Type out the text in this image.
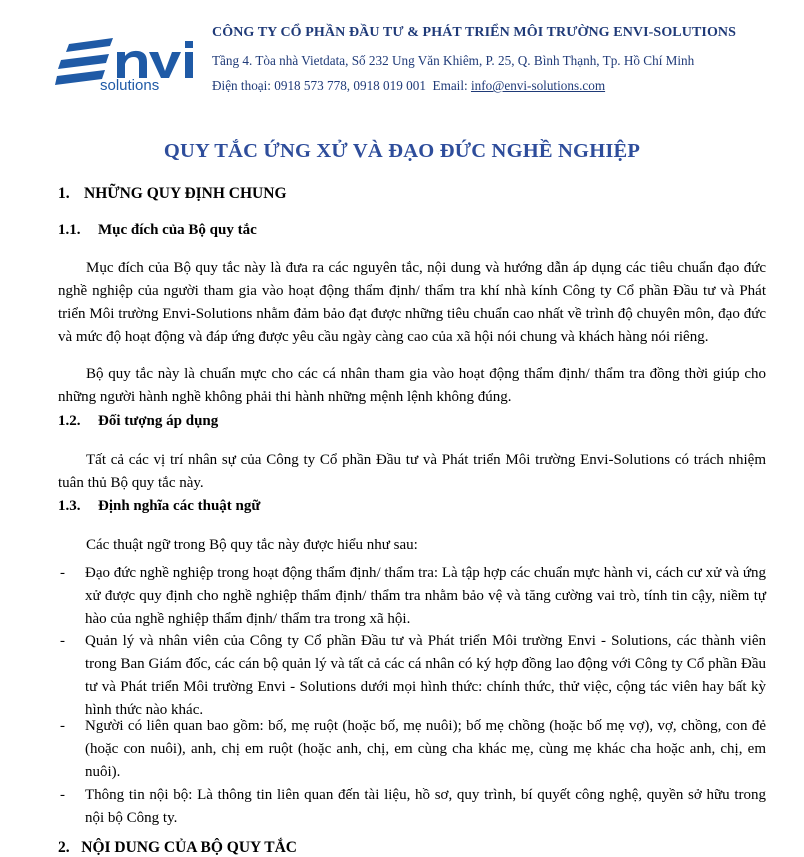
solutions
CÔNG TY CỔ PHẦN ĐẦU TƯ & PHÁT TRIỂN MÔI TRƯỜNG ENVI-SOLUTIONS
Tầng 4. Tòa nhà Vietdata, Số 232 Ung Văn Khiêm, P. 25, Q. Bình Thạnh, Tp. Hồ Chí Minh
Điện thoại: 0918 573 778, 0918 019 001  Email: info@envi-solutions.com
QUY TẮC ỨNG XỬ VÀ ĐẠO ĐỨC NGHỀ NGHIỆP
1. NHỮNG QUY ĐỊNH CHUNG
1.1. Mục đích của Bộ quy tắc
Mục đích của Bộ quy tắc này là đưa ra các nguyên tắc, nội dung và hướng dẫn áp dụng các tiêu chuẩn đạo đức nghề nghiệp của người tham gia vào hoạt động thẩm định/ thẩm tra khí nhà kính Công ty Cổ phần Đầu tư và Phát triển Môi trường Envi-Solutions nhằm đảm bảo đạt được những tiêu chuẩn cao nhất về trình độ chuyên môn, đạo đức và mức độ hoạt động và đáp ứng được yêu cầu ngày càng cao của xã hội nói chung và khách hàng nói riêng.
Bộ quy tắc này là chuẩn mực cho các cá nhân tham gia vào hoạt động thẩm định/ thẩm tra đồng thời giúp cho những người hành nghề không phải thi hành những mệnh lệnh không đúng.
1.2. Đối tượng áp dụng
Tất cả các vị trí nhân sự của Công ty Cổ phần Đầu tư và Phát triển Môi trường Envi-Solutions có trách nhiệm tuân thủ Bộ quy tắc này.
1.3. Định nghĩa các thuật ngữ
Các thuật ngữ trong Bộ quy tắc này được hiểu như sau:
- Đạo đức nghề nghiệp trong hoạt động thẩm định/ thẩm tra: Là tập hợp các chuẩn mực hành vi, cách cư xử và ứng xử được quy định cho nghề nghiệp thẩm định/ thẩm tra nhằm bảo vệ và tăng cường vai trò, tính tin cậy, niềm tự hào của nghề nghiệp thẩm định/ thẩm tra trong xã hội.
- Quản lý và nhân viên của Công ty Cổ phần Đầu tư và Phát triển Môi trường Envi - Solutions, các thành viên trong Ban Giám đốc, các cán bộ quản lý và tất cả các cá nhân có ký hợp đồng lao động với Công ty Cổ phần Đầu tư và Phát triển Môi trường Envi - Solutions dưới mọi hình thức: chính thức, thử việc, cộng tác viên hay bất kỳ hình thức nào khác.
- Người có liên quan bao gồm: bố, mẹ ruột (hoặc bố, mẹ nuôi); bố mẹ chồng (hoặc bố mẹ vợ), vợ, chồng, con đẻ (hoặc con nuôi), anh, chị em ruột (hoặc anh, chị, em cùng cha khác mẹ, cùng mẹ khác cha hoặc anh, chị, em nuôi).
- Thông tin nội bộ: Là thông tin liên quan đến tài liệu, hồ sơ, quy trình, bí quyết công nghệ, quyền sở hữu trong nội bộ Công ty.
2.   NỘI DUNG CỦA BỘ QUY TẮC
